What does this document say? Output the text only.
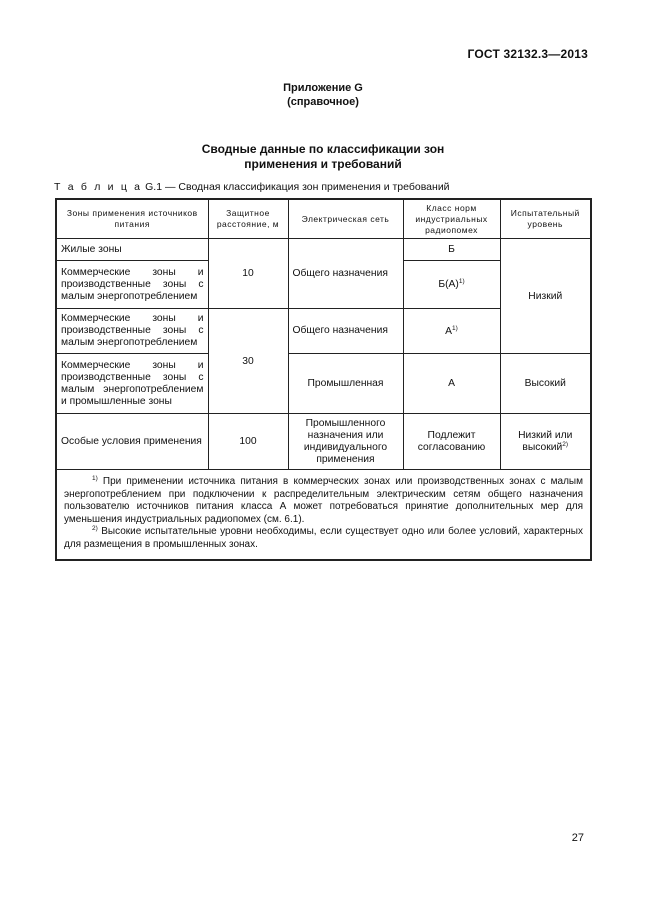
ГОСТ 32132.3—2013
Приложение G
(справочное)
Сводные данные по классификации зон
применения и требований
Т а б л и ц а G.1 — Сводная классификация зон применения и требований
Зоны применения источников питания	Защитное расстояние, м	Электрическая сеть	Класс норм индустриальных радиопомех	Испытательный уровень
Жилые зоны	10	Общего назначения	Б	Низкий
Коммерческие зоны и производственные зоны с малым энергопотреблением			$Б(А)^{1)}$
Коммерческие зоны и производственные зоны с малым энергопотреблением	30	Общего назначения	$А^{1)}$
Коммерческие зоны и производственные зоны с малым энергопотреблением и промышленные зоны		Промышленная	А	Высокий
Особые условия применения	100	Промышленного назначения или индивидуального применения	Подлежит согласованию	Низкий или высокий$^{2)}$

$^{1)}$ При применении источника питания в коммерческих зонах или производственных зонах с малым энергопотреблением при подключении к распределительным электрическим сетям общего назначения пользователю источников питания класса А может потребоваться принятие дополнительных мер для уменьшения индустриальных радиопомех (см. 6.1).

$^{2)}$ Высокие испытательные уровни необходимы, если существует одно или более условий, характерных для размещения в промышленных зонах.				

27
